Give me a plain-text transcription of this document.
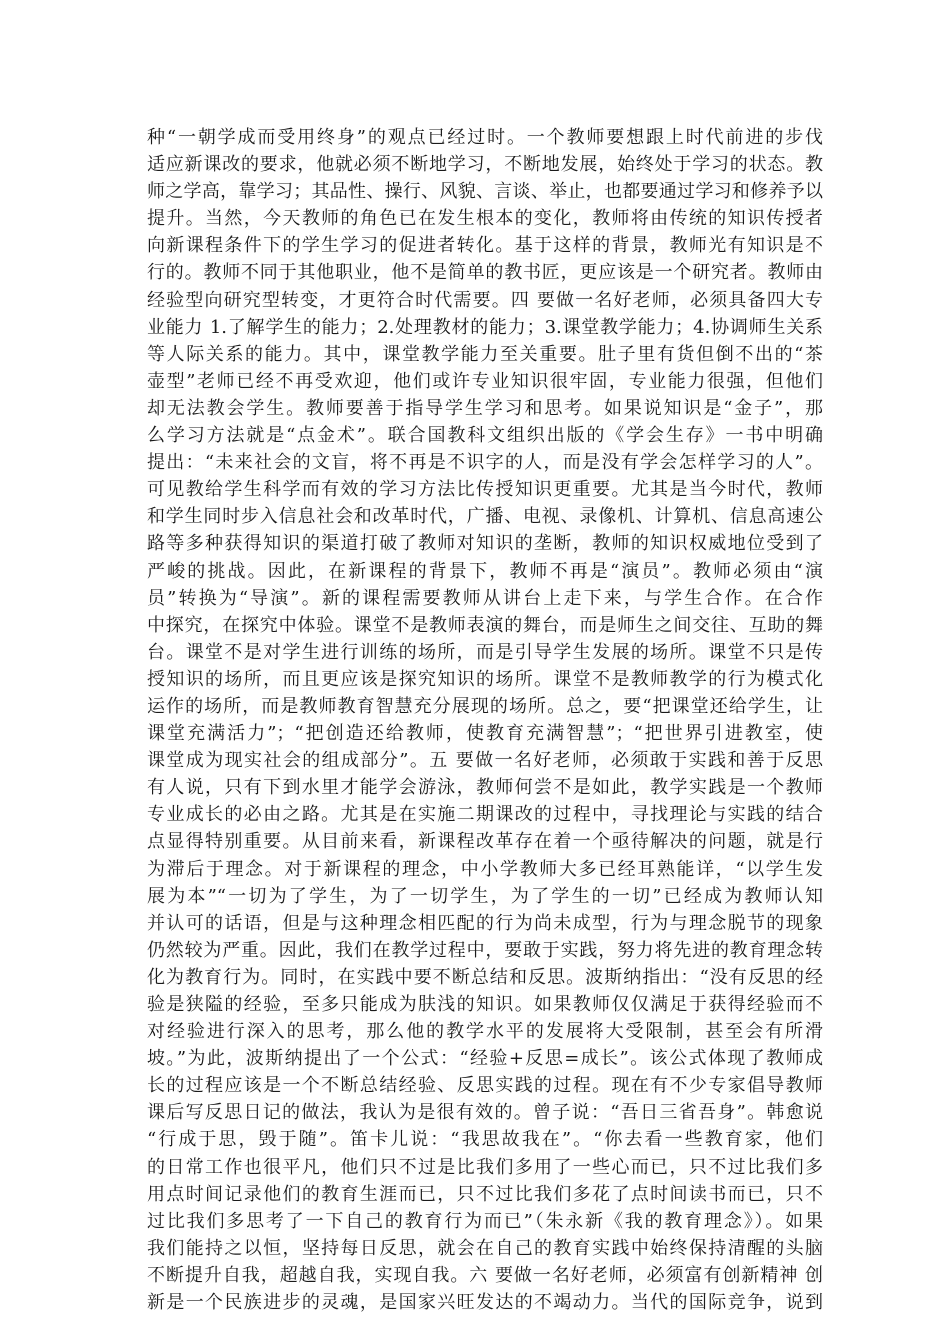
种“一朝学成而受用终身”的观点已经过时。一个教师要想跟上时代前进的步伐
适应新课改的要求，他就必须不断地学习，不断地发展，始终处于学习的状态。教
师之学高，靠学习；其品性、操行、风貌、言谈、举止，也都要通过学习和修养予以
提升。当然，今天教师的角色已在发生根本的变化，教师将由传统的知识传授者
向新课程条件下的学生学习的促进者转化。基于这样的背景，教师光有知识是不
行的。教师不同于其他职业，他不是简单的教书匠，更应该是一个研究者。教师由
经验型向研究型转变，才更符合时代需要。四 要做一名好老师，必须具备四大专
业能力 1.了解学生的能力；2.处理教材的能力；3.课堂教学能力；4.协调师生关系
等人际关系的能力。其中，课堂教学能力至关重要。肚子里有货但倒不出的“茶
壶型”老师已经不再受欢迎，他们或许专业知识很牢固，专业能力很强，但他们
却无法教会学生。教师要善于指导学生学习和思考。如果说知识是“金子”，那
么学习方法就是“点金术”。联合国教科文组织出版的《学会生存》一书中明确
提出：“未来社会的文盲，将不再是不识字的人，而是没有学会怎样学习的人”。
可见教给学生科学而有效的学习方法比传授知识更重要。尤其是当今时代，教师
和学生同时步入信息社会和改革时代，广播、电视、录像机、计算机、信息高速公
路等多种获得知识的渠道打破了教师对知识的垄断，教师的知识权威地位受到了
严峻的挑战。因此，在新课程的背景下，教师不再是“演员”。教师必须由“演
员”转换为“导演”。新的课程需要教师从讲台上走下来，与学生合作。在合作
中探究，在探究中体验。课堂不是教师表演的舞台，而是师生之间交往、互助的舞
台。课堂不是对学生进行训练的场所，而是引导学生发展的场所。课堂不只是传
授知识的场所，而且更应该是探究知识的场所。课堂不是教师教学的行为模式化
运作的场所，而是教师教育智慧充分展现的场所。总之，要“把课堂还给学生，让
课堂充满活力”；“把创造还给教师，使教育充满智慧”；“把世界引进教室，使
课堂成为现实社会的组成部分”。五 要做一名好老师，必须敢于实践和善于反思
有人说，只有下到水里才能学会游泳，教师何尝不是如此，教学实践是一个教师
专业成长的必由之路。尤其是在实施二期课改的过程中，寻找理论与实践的结合
点显得特别重要。从目前来看，新课程改革存在着一个亟待解决的问题，就是行
为滞后于理念。对于新课程的理念，中小学教师大多已经耳熟能详，“以学生发
展为本”“一切为了学生，为了一切学生，为了学生的一切”已经成为教师认知
并认可的话语，但是与这种理念相匹配的行为尚未成型，行为与理念脱节的现象
仍然较为严重。因此，我们在教学过程中，要敢于实践，努力将先进的教育理念转
化为教育行为。同时，在实践中要不断总结和反思。波斯纳指出：“没有反思的经
验是狭隘的经验，至多只能成为肤浅的知识。如果教师仅仅满足于获得经验而不
对经验进行深入的思考，那么他的教学水平的发展将大受限制，甚至会有所滑
坡。”为此，波斯纳提出了一个公式：“经验+反思=成长”。该公式体现了教师成
长的过程应该是一个不断总结经验、反思实践的过程。现在有不少专家倡导教师
课后写反思日记的做法，我认为是很有效的。曾子说：“吾日三省吾身”。韩愈说
“行成于思，毁于随”。笛卡儿说：“我思故我在”。“你去看一些教育家，他们
的日常工作也很平凡，他们只不过是比我们多用了一些心而已，只不过比我们多
用点时间记录他们的教育生涯而已，只不过比我们多花了点时间读书而已，只不
过比我们多思考了一下自己的教育行为而已”（朱永新《我的教育理念》）。如果
我们能持之以恒，坚持每日反思，就会在自己的教育实践中始终保持清醒的头脑
不断提升自我，超越自我，实现自我。六 要做一名好老师，必须富有创新精神 创
新是一个民族进步的灵魂，是国家兴旺发达的不竭动力。当代的国际竞争，说到
